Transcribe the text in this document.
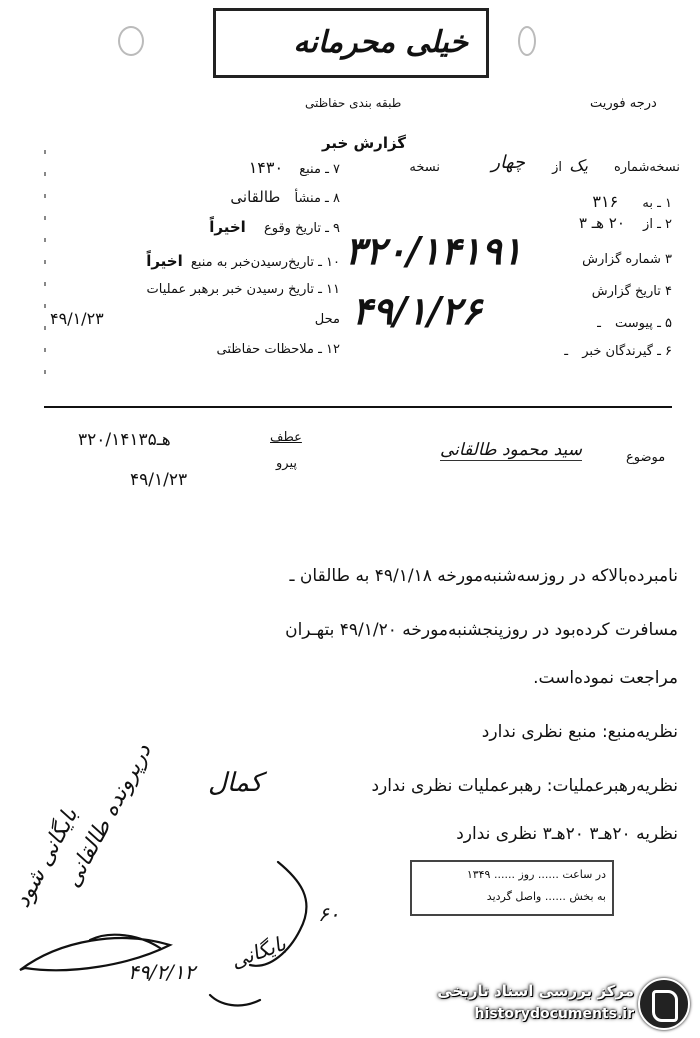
خیلی محرمانه
طبقه بندی حفاظتی	درجه فوریت
گزارش خبر
نسخه‌شماره
یک
از
چهار
نسخه
۷ ـ منبع ۱۴۳۰
۸ ـ منشأ طالقانی
۹ ـ تاریخ وقوع اخیراً
۱۰ ـ تاریخ‌رسیدن‌خبر به منبع اخیراً
۱۱ ـ تاریخ رسیدن خبر برهبر عملیات
محل
۴۹/۱/۲۳
۱۲ ـ ملاحظات حفاظتی
۱ ـ به ۳۱۶
۲ ـ از ۲۰ هـ ۳
۳ شماره گزارش
۴ تاریخ گزارش
۵ ـ پیوست ـ
۶ ـ گیرندگان خبر ـ
۳۲۰/۱۴۱۹۱
۴۹/۱/۲۶
۳هـ۲۰/۱۴۱۳۵
۴۹/۱/۲۳
عطف
پیرو	موضوع
سید محمود طالقانی
نامبرده‌بالاکه در روزسه‌شنبه‌مورخه ۴۹/۱/۱۸ به طالقان ـ
مسافرت کرده‌بود در روزپنجشنبه‌مورخه ۴۹/۱/۲۰ بتهـران
مراجعت نموده‌است.
نظریه‌منبع: منبع نظری ندارد
نظریه‌رهبرعملیات: رهبرعملیات نظری ندارد
کمال
نظریه ۲۰هـ۳ ۲۰هـ۳ نظری ندارد
در ساعت ...... روز ...... ۱۳۴۹
به بخش ...... واصل گردید
درپرونده طالقانی
بایگانی شود
۴۹/۲/۱۲ بایگانی
۶۰
مرکز بررسی اسناد تاریخی
historydocuments.ir
